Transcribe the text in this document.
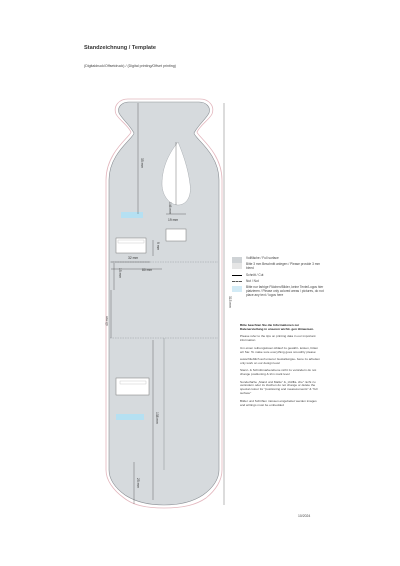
Standzeichnung / Template
(Digitaldruck/Offsetdruck) / (Digital printing/Offset printing)
35 mm
146 mm
19 mm
9 mm
32 mm
80 mm
15 mm
40 mm
138 mm
25 mm
315 mm
Vollfläche / Full surface
Bitte 3 mm Beschnitt anlegen / Please provide 3 mm bleed
Schnitt / Cut
Nut / Nut
Bitte nur farbige Flächen/Bilder, keine Texte/Logos hier platzieren / Please only colored areas / pictures, do not place any text / logos here
Bitte beachten Sie die Informationen zur Datenerstellung in unseren wichti- gen Hinweisen.
Please refer to the tips on printing data in our important information
Um einen reibungslosen Ablauf zu gewähr- leisten, bitten wir Sie: To make sure everything goes smoothly please:
ausschließlich auf unserer Gestaltungse- bene zu arbeiten only work on our design level
Stanz- & Schnittmarkerebene nicht zu verändern do not change positioning & trim mark level
Sonderfarbe „Stand und Maße" & „Vollflä- che" nicht zu verändern oder zu löschen do not change or delete the special colour for "positioning and measurements" & "full surface"
Bilder und Schriften müssen eingebettet werden images and writings must be embedded
10/2024
